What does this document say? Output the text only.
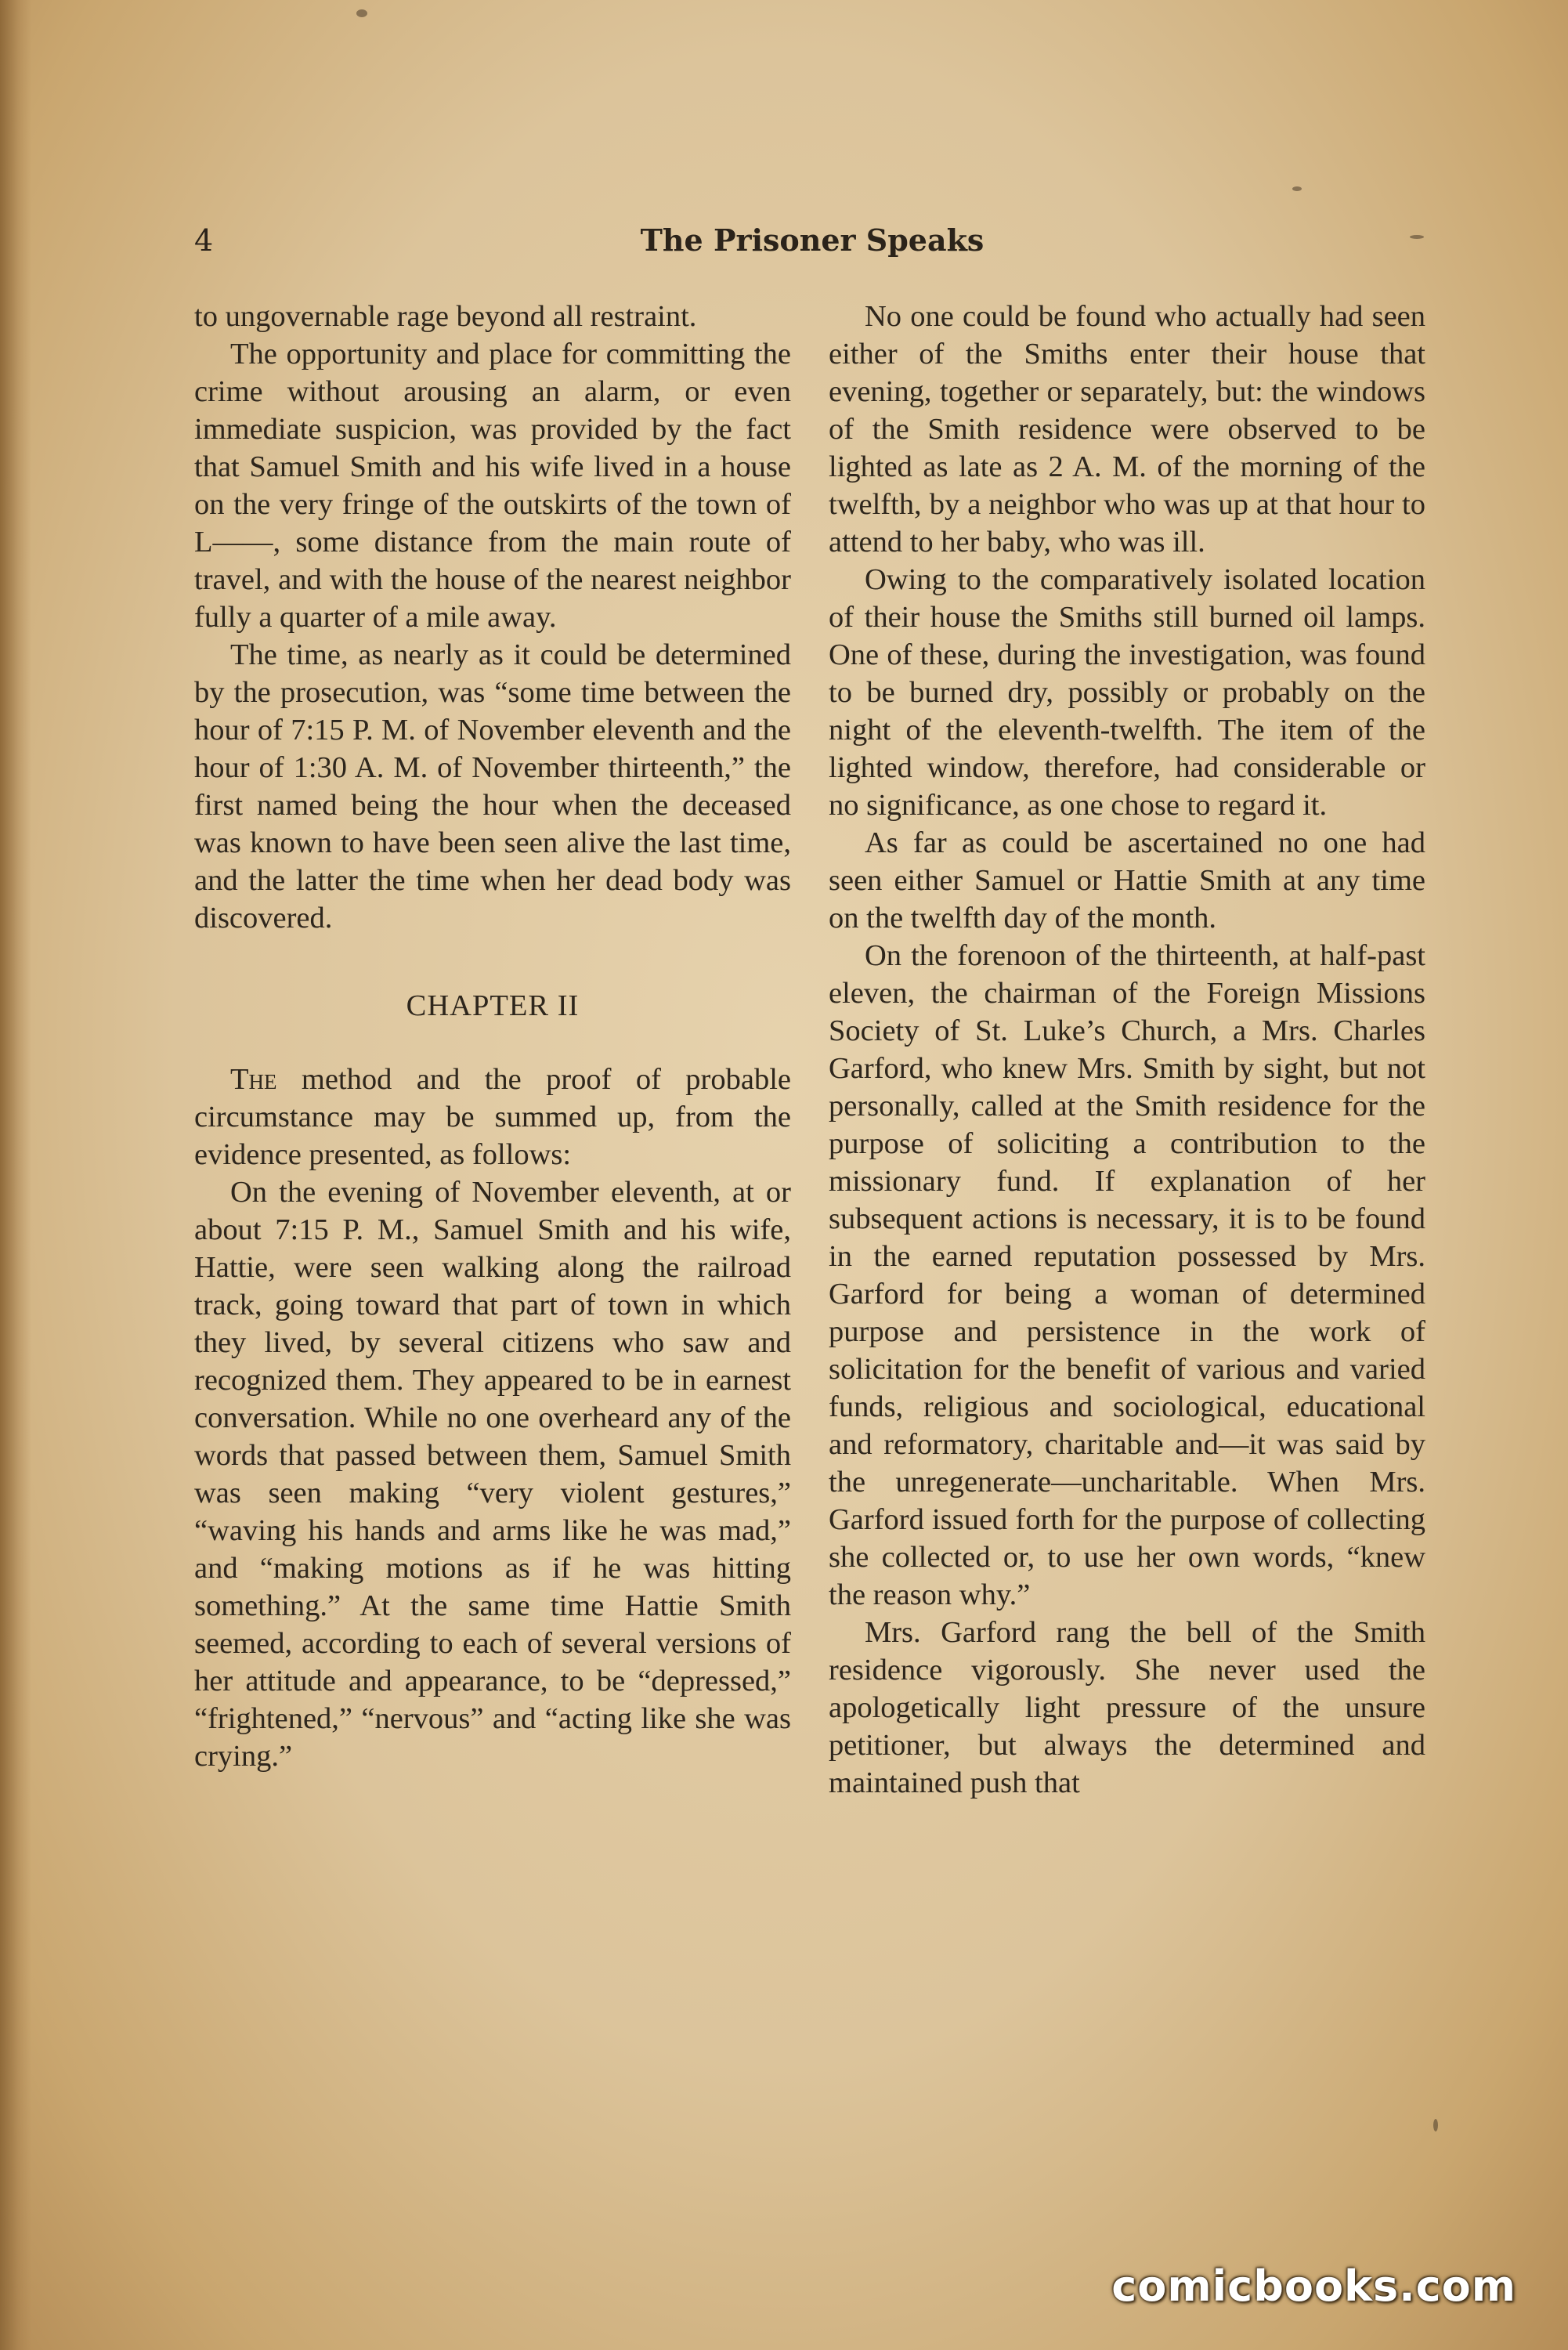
4	The Prisoner Speaks

to ungovernable rage beyond all restraint.

The opportunity and place for committing the crime without arousing an alarm, or even immediate suspicion, was provided by the fact that Samuel Smith and his wife lived in a house on the very fringe of the outskirts of the town of L——, some distance from the main route of travel, and with the house of the nearest neighbor fully a quarter of a mile away.

The time, as nearly as it could be determined by the prosecution, was “some time between the hour of 7:15 P. M. of November eleventh and the hour of 1:30 A. M. of November thirteenth,” the first named being the hour when the deceased was known to have been seen alive the last time, and the latter the time when her dead body was discovered.

CHAPTER II

The method and the proof of probable circumstance may be summed up, from the evidence presented, as follows:

On the evening of November eleventh, at or about 7:15 P. M., Samuel Smith and his wife, Hattie, were seen walking along the railroad track, going toward that part of town in which they lived, by several citizens who saw and recognized them. They appeared to be in earnest conversation. While no one overheard any of the words that passed between them, Samuel Smith was seen making “very violent gestures,” “waving his hands and arms like he was mad,” and “making motions as if he was hitting something.” At the same time Hattie Smith seemed, according to each of several versions of her attitude and appearance, to be “depressed,” “frightened,” “nervous” and “acting like she was crying.”

No one could be found who actually had seen either of the Smiths enter their house that evening, together or separately, but: the windows of the Smith residence were observed to be lighted as late as 2 A. M. of the morning of the twelfth, by a neighbor who was up at that hour to attend to her baby, who was ill.

Owing to the comparatively isolated location of their house the Smiths still burned oil lamps. One of these, during the investigation, was found to be burned dry, possibly or probably on the night of the eleventh-twelfth. The item of the lighted window, therefore, had considerable or no significance, as one chose to regard it.

As far as could be ascertained no one had seen either Samuel or Hattie Smith at any time on the twelfth day of the month.

On the forenoon of the thirteenth, at half-past eleven, the chairman of the Foreign Missions Society of St. Luke’s Church, a Mrs. Charles Garford, who knew Mrs. Smith by sight, but not personally, called at the Smith residence for the purpose of soliciting a contribution to the missionary fund. If explanation of her subsequent actions is necessary, it is to be found in the earned reputation possessed by Mrs. Garford for being a woman of determined purpose and persistence in the work of solicitation for the benefit of various and varied funds, religious and sociological, educational and reformatory, charitable and—it was said by the unregenerate—uncharitable. When Mrs. Garford issued forth for the purpose of collecting she collected or, to use her own words, “knew the reason why.”

Mrs. Garford rang the bell of the Smith residence vigorously. She never used the apologetically light pressure of the unsure petitioner, but always the determined and maintained push that

comicbooks.com
